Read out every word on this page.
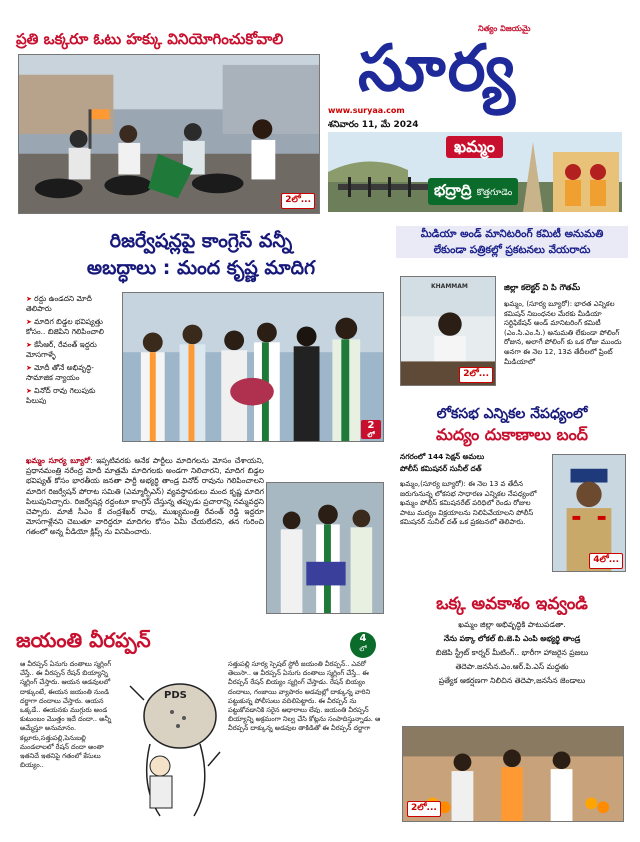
ప్రతి ఒక్కరూ ఓటు హక్కు వినియోగించుకోవాలి
2లో...
నిత్యం విజయమై
సూర్య
www.suryaa.com
శనివారం 11, మే 2024
ఖమ్మం
భద్రాద్రి కొత్తగూడెం
రిజర్వేషన్లపై కాంగ్రెస్ వన్నీ
అబద్ధాలు : మంద కృష్ణ మాదిగ
➤ రద్దు ఉండదని మోదీ తెలిపారు
➤ మాదిగ బిడ్డల భవిష్యత్తు కోసం.. బిజెపిని గెలిపించాలి
➤ కేసీఆర్, రేవంత్ ఇద్దరు మోసగాళ్ళే
➤ మోదీ తోనే అభివృద్ధి-సామాజిక న్యాయం
➤ వినోద్ రావు గెలుపుకు పిలుపు
2
లో
ఖమ్మం సూర్య బ్యూరో: ఇప్పటివరకు అనేక పార్టీలు మాదిగలను మోసం చేశాయని, ప్రధానమంత్రి నరేంద్ర మోదీ మాత్రమే మాదిగలకు అండగా నిలిచారని, మాదిగ బిడ్డల భవిష్యత్ కోసం భారతీయ జనతా పార్టీ అభ్యర్థి తాండ్ర వినోద్ రావును గెలిపించాలని మాదిగ రిజర్వేషన్ పోరాట సమితి (ఎమ్మార్పీఎస్) వ్యవస్థాపకులు మంద కృష్ణ మాదిగ పిలుపునిచ్చారు. రిజర్వేషన్ల రద్దంటూ కాంగ్రెస్ చేస్తున్న తప్పుడు ప్రచారాన్ని నమ్మవద్దని చెప్పారు. మాజీ సీఎం కే చంద్రశేఖర్ రావు, ముఖ్యమంత్రి రేవంత్ రెడ్డి ఇద్దరూ మోసగాళ్లేనని చెబుతూ వారిద్దరూ మాదిగల కోసం ఏమీ చేయలేదని, తన గురించి గతంలో అన్న వీడియో క్లిప్స్ ను వినిపించారు.
మీడియా అండ్ మానిటరింగ్ కమిటీ అనుమతి
లేకుండా పత్రికల్లో ప్రకటనలు వేయరాదు
KHAMMAM
2లో...
జిల్లా కలెక్టర్ వి పి గౌతమ్
ఖమ్మం, (సూర్య బ్యూరో): భారత ఎన్నికల కమిషన్ నిబంధనల మేరకు మీడియా సర్టిఫికేషన్ అండ్ మానిటరింగ్ కమిటీ (ఎం.సి.ఎం.సి.) అనుమతి లేకుండా పోలింగ్ రోజున, అలాగే పోలింగ్ కు ఒక రోజు ముందు అనగా ఈ నెల 12, 13వ తేదీలలో ప్రింట్ మీడియాలో
లోకసభ ఎన్నికల నేపధ్యంలో
మద్యం దుకాణాలు బంద్
నగరంలో 144 సెక్షన్ అమలు
పోలీస్ కమిషనర్ సునీల్ దత్
ఖమ్మం,(సూర్య బ్యూరో): ఈ నెల 13 వ తేదీన జరుగునున్న లోకసభ సాధారణ ఎన్నికల నేపధ్యంలో ఖమ్మం పోలీస్ కమిషనరేట్ పరిధిలో రెండు రోజుల పాటు మద్యం విక్రయాలను నిలిపివేయాలని పోలీస్ కమిషనర్ సునీల్ దత్ ఒక ప్రకటనలో తెలిపారు.
4లో...
ఒక్క అవకాశం ఇవ్వండి
ఖమ్మం జిల్లా అభివృద్ధికి పాటుపడతా.
నేను పక్కా లోకల్ బి.జె.పి ఎంపి అభ్యర్థి తాండ్ర
బిజెపి స్ట్రీట్ కార్నర్ మీటింగ్.. భారీగా హాజరైన ప్రజలు
తెదెపా.జనసేన.ఎం.ఆర్.పి.ఎస్ మద్దతు
ప్రత్యేక ఆకర్షణగా నిలిచిన తెదెపా,జనసేన జెండాలు
2లో...
జయంతి వీరప్పన్	4
లో
ఆ వీరప్పన్ ఏనుగు దంతాలు స్మగ్లింగ్ చేస్తే.. ఈ వీరప్పన్ రేషన్ బియ్యాన్ని స్మగ్లింగ్ చేస్తారు. ఆయన అడవులలో దాక్కుంటే, ఈయన జయంతి నుండి దర్జాగా దందాలు చేస్తారు. ఆయన ఒక్కడే.. ఈయనకు ముగ్గురు అండ కుటుంబం మొత్తం ఇదే దందా.. అన్నీ అమ్మేస్తూ అనుమానం. కల్లూరు,సత్తుపల్లి,పెనుబల్లి మండలాలలో రేషన్ దందా అంతా ఇతనిదే ఇతనిపై గతంలో కేసులు బియ్యం..
PDS
సత్తుపల్లి సూర్య స్పెషల్ స్టోరీ జయంతి వీరప్పన్.. ఎవరో తెలుసా.. ఆ వీరప్పన్ ఏనుగు దంతాలు స్మగ్లింగ్ చేస్తే.. ఈ వీరప్పన్ రేషన్ బియ్యం స్మగ్లింగ్ చేస్తాడు. రేషన్ బియ్యం దందాలు, గంజాయి వ్యాపారం అడవుల్లో దాక్కున్న వారిని పట్టుకున్న పోలీసులు వదిలిపెట్టారు. ఈ వీరప్పన్ ను పట్టుకోవడానికి సరైన ఆధారాలు లేవు. జయంతి వీరప్పన్ బియ్యాన్ని అక్రమంగా నిల్వ చేసి కోట్లను సంపాదిస్తున్నాడు. ఆ వీరప్పన్ దాక్కున్న అడవుల తాకిడితో ఈ వీరప్పన్ దర్జాగా
